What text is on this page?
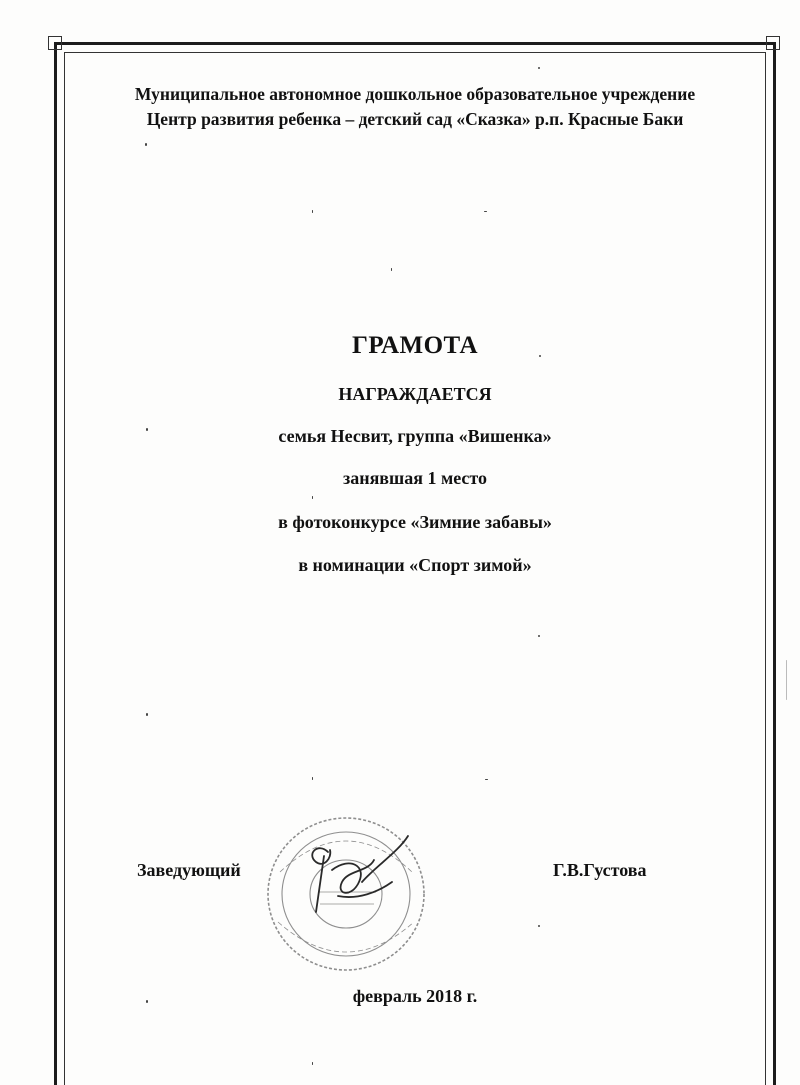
Муниципальное автономное дошкольное образовательное учреждение
Центр развития ребенка – детский сад «Сказка» р.п. Красные Баки
ГРАМОТА
НАГРАЖДАЕТСЯ
семья Несвит, группа «Вишенка»
занявшая 1 место
в фотоконкурсе «Зимние забавы»
в номинации «Спорт зимой»
Заведующий	Г.В.Густова
февраль 2018 г.
